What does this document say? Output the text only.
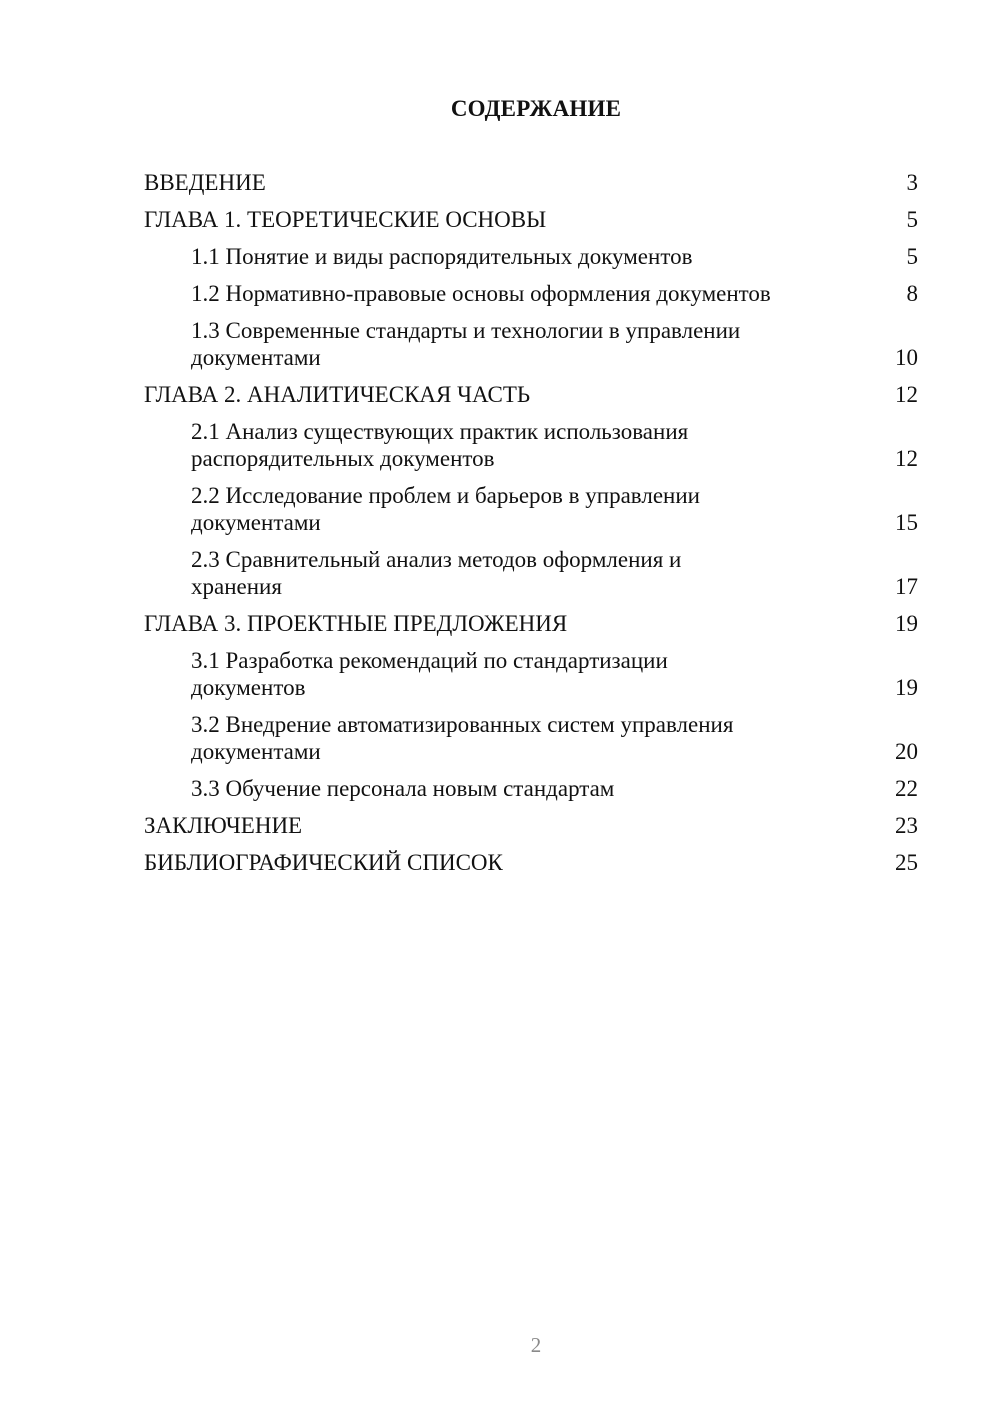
СОДЕРЖАНИЕ
ВВЕДЕНИЕ	3
ГЛАВА 1. ТЕОРЕТИЧЕСКИЕ ОСНОВЫ	5
1.1 Понятие и виды распорядительных документов	5
1.2 Нормативно-правовые основы оформления документов	8
1.3 Современные стандарты и технологии в управлении документами	10
ГЛАВА 2. АНАЛИТИЧЕСКАЯ ЧАСТЬ	12
2.1 Анализ существующих практик использования распорядительных документов	12
2.2 Исследование проблем и барьеров в управлении документами	15
2.3 Сравнительный анализ методов оформления и хранения	17
ГЛАВА 3. ПРОЕКТНЫЕ ПРЕДЛОЖЕНИЯ	19
3.1 Разработка рекомендаций по стандартизации документов	19
3.2 Внедрение автоматизированных систем управления документами	20
3.3 Обучение персонала новым стандартам	22
ЗАКЛЮЧЕНИЕ	23
БИБЛИОГРАФИЧЕСКИЙ СПИСОК	25
2
